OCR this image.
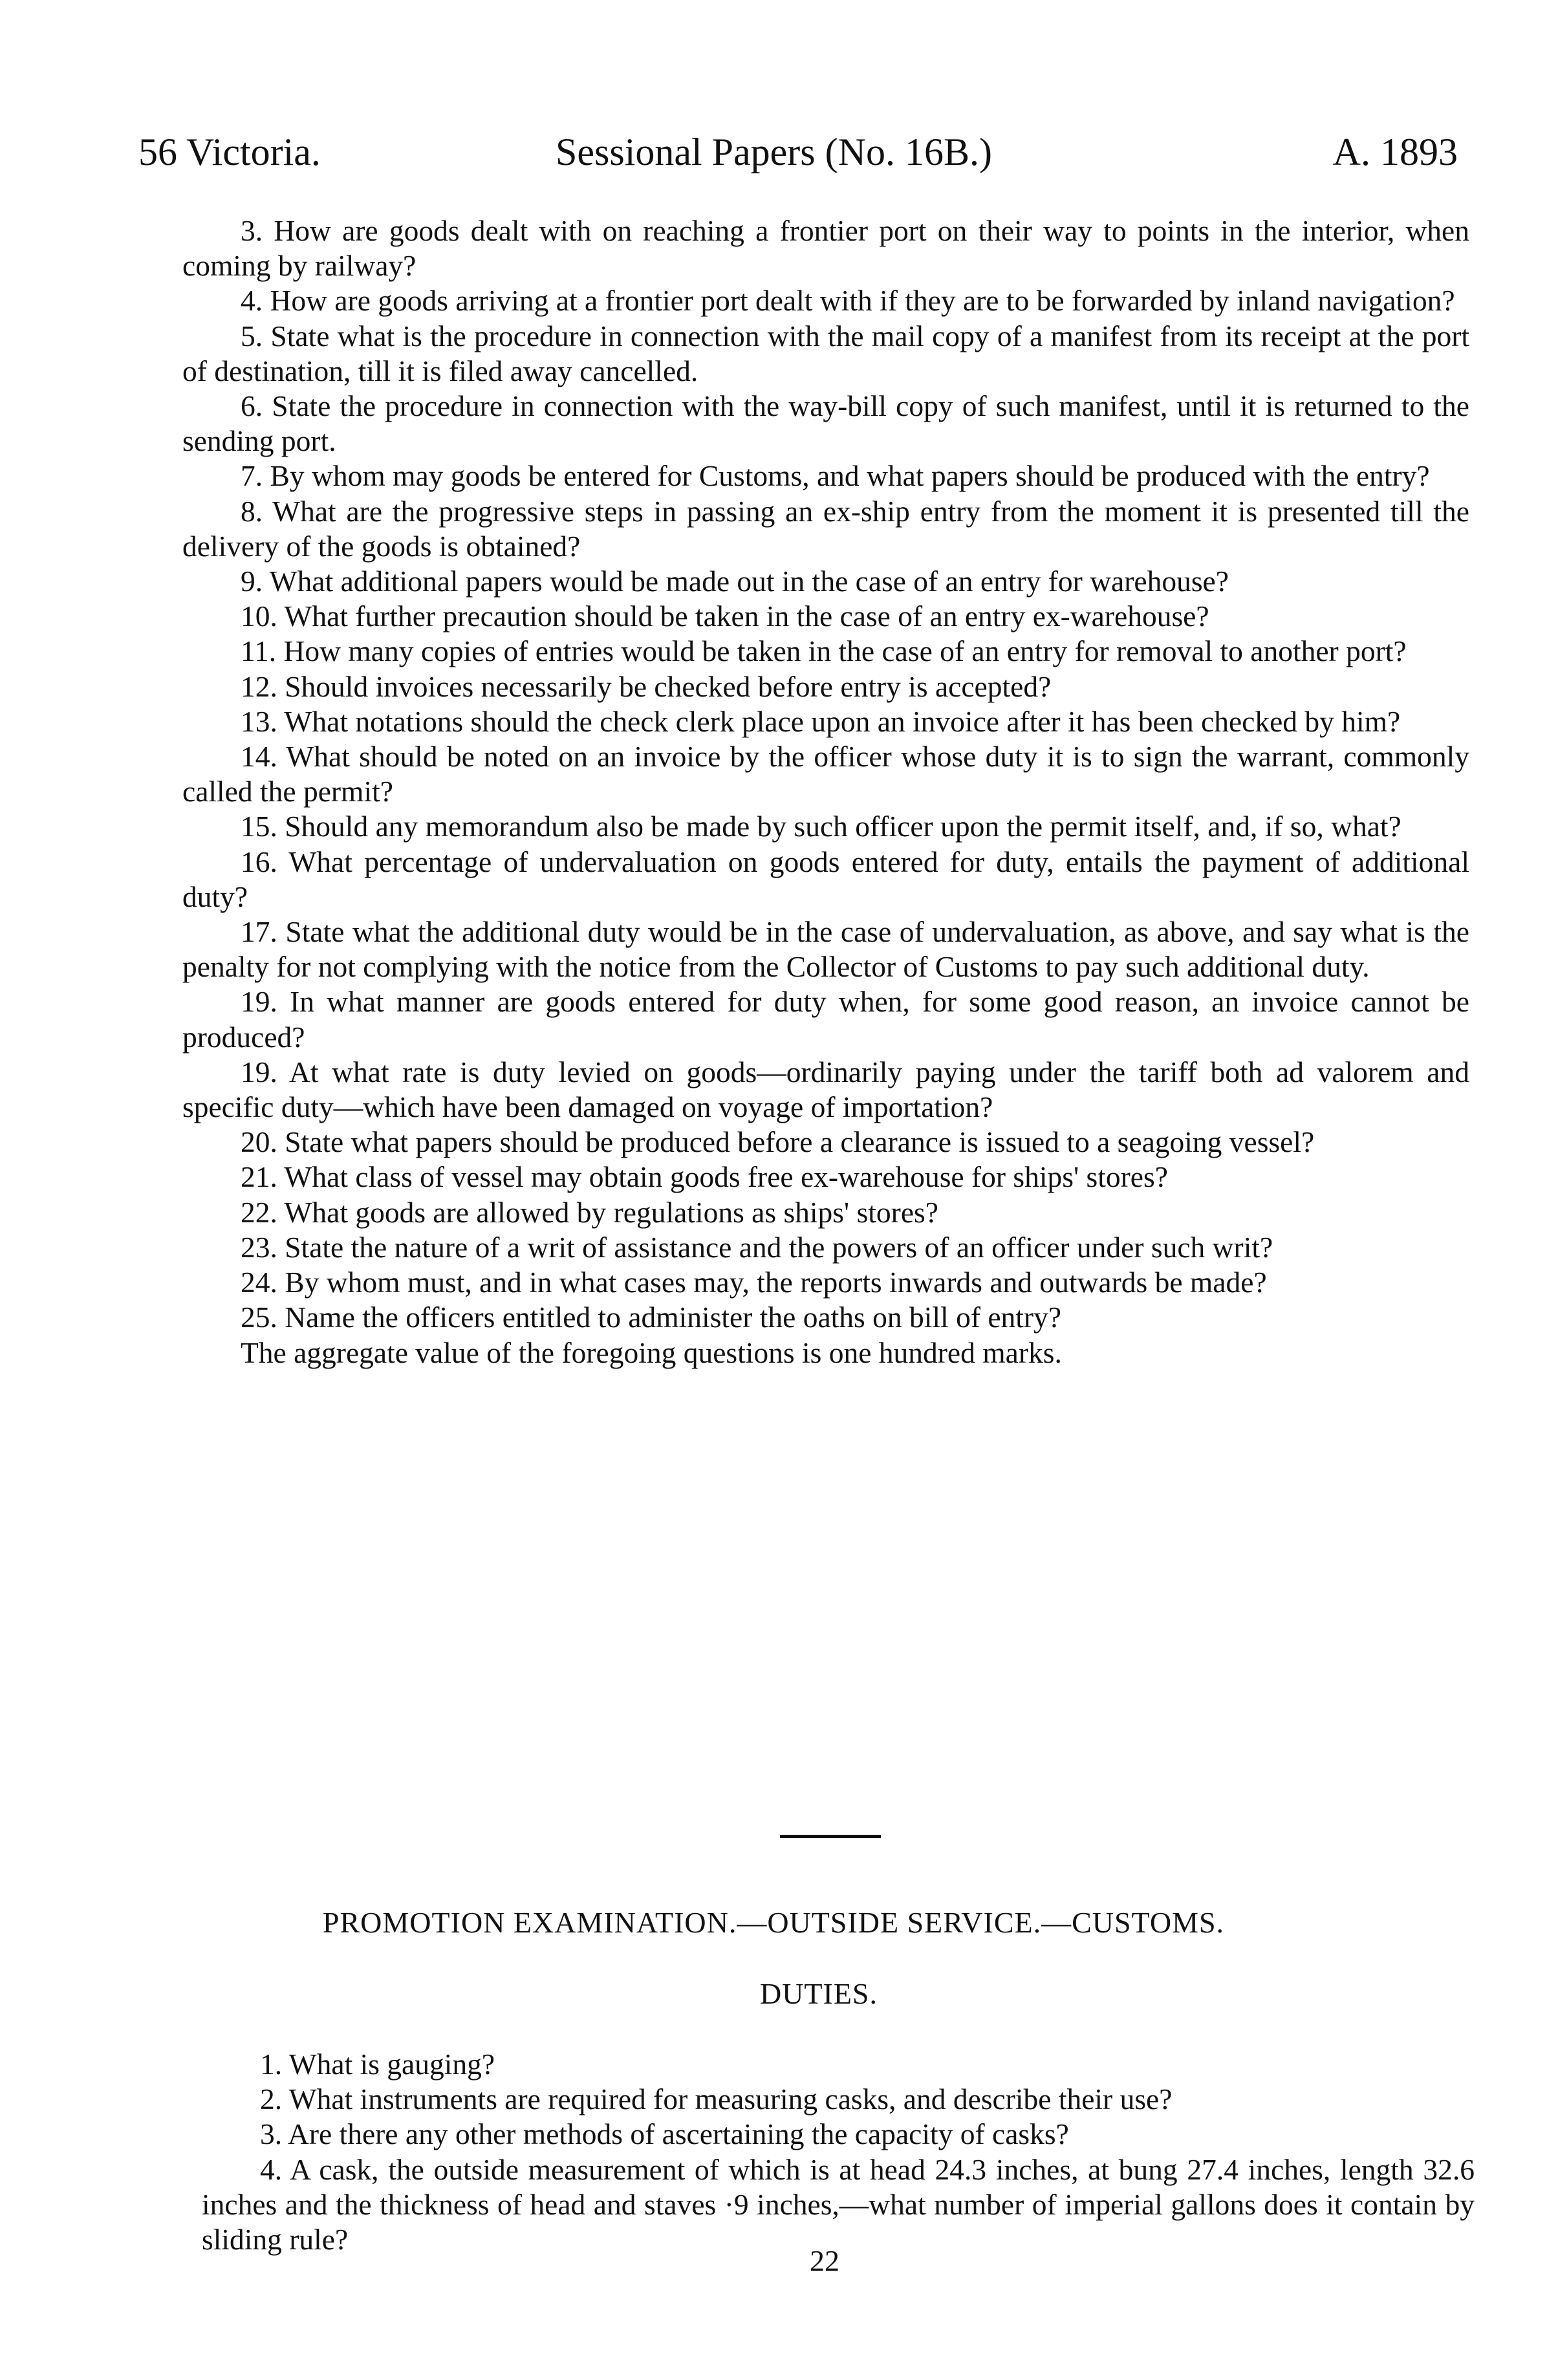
56 Victoria.	Sessional Papers (No. 16B.)	A. 1893

3. How are goods dealt with on reaching a frontier port on their way to points in the interior, when coming by railway?

4. How are goods arriving at a frontier port dealt with if they are to be forwarded by inland navigation?

5. State what is the procedure in connection with the mail copy of a manifest from its receipt at the port of destination, till it is filed away cancelled.

6. State the procedure in connection with the way-bill copy of such manifest, until it is returned to the sending port.

7. By whom may goods be entered for Customs, and what papers should be produced with the entry?

8. What are the progressive steps in passing an ex-ship entry from the moment it is presented till the delivery of the goods is obtained?

9. What additional papers would be made out in the case of an entry for warehouse?

10. What further precaution should be taken in the case of an entry ex-warehouse?

11. How many copies of entries would be taken in the case of an entry for removal to another port?

12. Should invoices necessarily be checked before entry is accepted?

13. What notations should the check clerk place upon an invoice after it has been checked by him?

14. What should be noted on an invoice by the officer whose duty it is to sign the warrant, commonly called the permit?

15. Should any memorandum also be made by such officer upon the permit itself, and, if so, what?

16. What percentage of undervaluation on goods entered for duty, entails the payment of additional duty?

17. State what the additional duty would be in the case of undervaluation, as above, and say what is the penalty for not complying with the notice from the Collector of Customs to pay such additional duty.

19. In what manner are goods entered for duty when, for some good reason, an invoice cannot be produced?

19. At what rate is duty levied on goods—ordinarily paying under the tariff both ad valorem and specific duty—which have been damaged on voyage of importation?

20. State what papers should be produced before a clearance is issued to a seagoing vessel?

21. What class of vessel may obtain goods free ex-warehouse for ships' stores?

22. What goods are allowed by regulations as ships' stores?

23. State the nature of a writ of assistance and the powers of an officer under such writ?

24. By whom must, and in what cases may, the reports inwards and outwards be made?

25. Name the officers entitled to administer the oaths on bill of entry?

The aggregate value of the foregoing questions is one hundred marks.

PROMOTION EXAMINATION.—OUTSIDE SERVICE.—CUSTOMS.
DUTIES.

1. What is gauging?

2. What instruments are required for measuring casks, and describe their use?

3. Are there any other methods of ascertaining the capacity of casks?

4. A cask, the outside measurement of which is at head 24.3 inches, at bung 27.4 inches, length 32.6 inches and the thickness of head and staves ·9 inches,—what number of imperial gallons does it contain by sliding rule?

22
